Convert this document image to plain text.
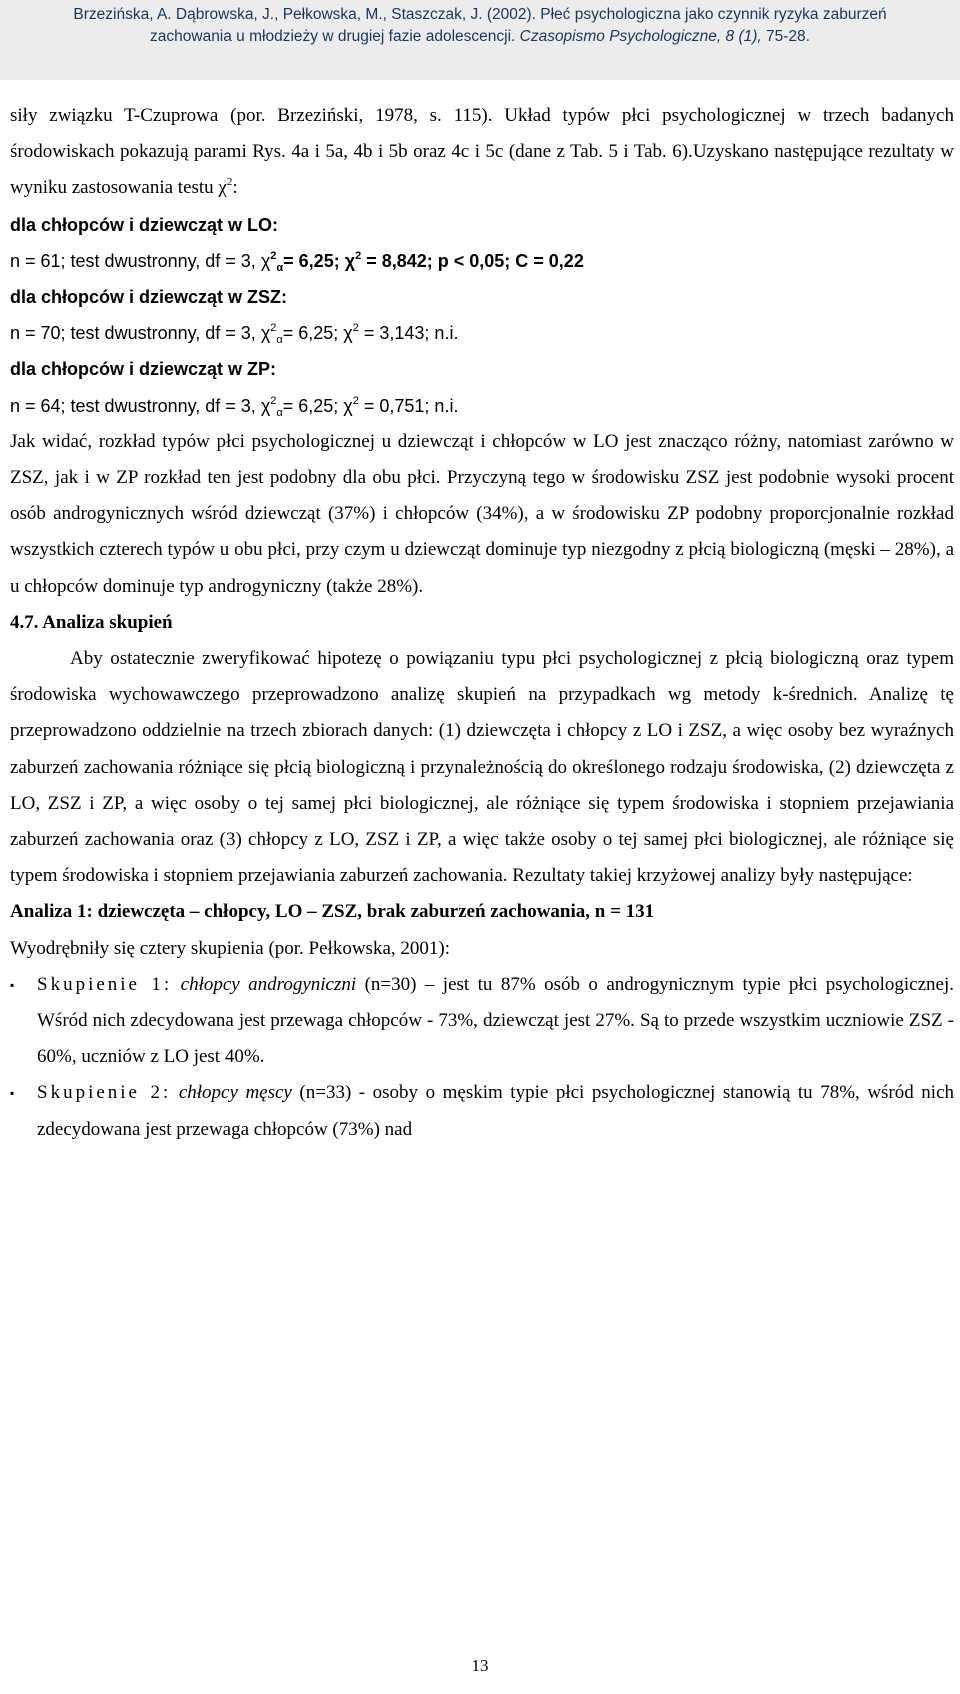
Brzezińska, A. Dąbrowska, J., Pełkowska, M., Staszczak, J. (2002). Płeć psychologiczna jako czynnik ryzyka zaburzeń
zachowania u młodzieży w drugiej fazie adolescencji. Czasopismo Psychologiczne, 8 (1), 75-28.

siły związku T-Czuprowa (por. Brzeziński, 1978, s. 115). Układ typów płci psychologicznej w trzech badanych środowiskach pokazują parami Rys. 4a i 5a, 4b i 5b oraz 4c i 5c (dane z Tab. 5 i Tab. 6).Uzyskano następujące rezultaty w wyniku zastosowania testu $\chi^2$:

dla chłopców i dziewcząt w LO:

n = 61; test dwustronny, df = 3, $\chi^2_\alpha= 6,25$; $\chi^2 = 8,842$; p < 0,05; C = 0,22

dla chłopców i dziewcząt w ZSZ:

n = 70; test dwustronny, df = 3, $\chi^2_\alpha= 6,25$; $\chi^2 = 3,143$; n.i.

dla chłopców i dziewcząt w ZP:

n = 64; test dwustronny, df = 3, $\chi^2_\alpha= 6,25$; $\chi^2 = 0,751$; n.i.

Jak widać, rozkład typów płci psychologicznej u dziewcząt i chłopców w LO jest znacząco różny, natomiast zarówno w ZSZ, jak i w ZP rozkład ten jest podobny dla obu płci. Przyczyną tego w środowisku ZSZ jest podobnie wysoki procent osób androgynicznych wśród dziewcząt (37%) i chłopców (34%), a w środowisku ZP podobny proporcjonalnie rozkład wszystkich czterech typów u obu płci, przy czym u dziewcząt dominuje typ niezgodny z płcią biologiczną (męski – 28%), a u chłopców dominuje typ androgyniczny (także 28%).

4.7. Analiza skupień

Aby ostatecznie zweryfikować hipotezę o powiązaniu typu płci psychologicznej z płcią biologiczną oraz typem środowiska wychowawczego przeprowadzono analizę skupień na przypadkach wg metody k-średnich. Analizę tę przeprowadzono oddzielnie na trzech zbiorach danych: (1) dziewczęta i chłopcy z LO i ZSZ, a więc osoby bez wyraźnych zaburzeń zachowania różniące się płcią biologiczną i przynależnością do określonego rodzaju środowiska, (2) dziewczęta z LO, ZSZ i ZP, a więc osoby o tej samej płci biologicznej, ale różniące się typem środowiska i stopniem przejawiania zaburzeń zachowania oraz (3) chłopcy z LO, ZSZ i ZP, a więc także osoby o tej samej płci biologicznej, ale różniące się typem środowiska i stopniem przejawiania zaburzeń zachowania. Rezultaty takiej krzyżowej analizy były następujące:

Analiza 1: dziewczęta – chłopcy, LO – ZSZ, brak zaburzeń zachowania, n = 131

Wyodrębniły się cztery skupienia (por. Pełkowska, 2001):

▪ Skupienie 1: chłopcy androgyniczni (n=30) – jest tu 87% osób o androgynicznym typie płci psychologicznej. Wśród nich zdecydowana jest przewaga chłopców - 73%, dziewcząt jest 27%. Są to przede wszystkim uczniowie ZSZ - 60%, uczniów z LO jest 40%.
▪ Skupienie 2: chłopcy męscy (n=33) - osoby o męskim typie płci psychologicznej stanowią tu 78%, wśród nich zdecydowana jest przewaga chłopców (73%) nad
13
